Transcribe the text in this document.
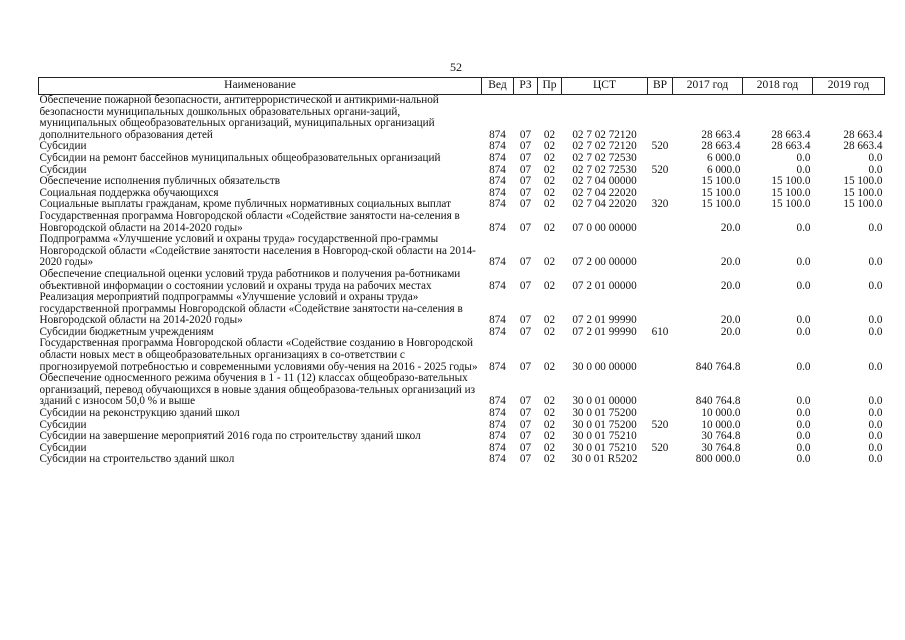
52
Наименование	Вед	РЗ	Пр	ЦСТ	ВР	2017 год	2018 год	2019 год
Обеспечение пожарной безопасности, антитеррористической и антикрими-нальной безопасности муниципальных дошкольных образовательных органи-заций, муниципальных общеобразовательных организаций, муниципальных организаций дополнительного образования детей	874	07	02	02 7 02 72120		28 663.4	28 663.4	28 663.4
Субсидии	874	07	02	02 7 02 72120	520	28 663.4	28 663.4	28 663.4
Субсидии на ремонт бассейнов муниципальных общеобразовательных организаций	874	07	02	02 7 02 72530		6 000.0	0.0	0.0
Субсидии	874	07	02	02 7 02 72530	520	6 000.0	0.0	0.0
Обеспечение исполнения публичных обязательств	874	07	02	02 7 04 00000		15 100.0	15 100.0	15 100.0
Социальная поддержка обучающихся	874	07	02	02 7 04 22020		15 100.0	15 100.0	15 100.0
Социальные выплаты гражданам, кроме публичных нормативных социальных выплат	874	07	02	02 7 04 22020	320	15 100.0	15 100.0	15 100.0
Государственная программа Новгородской области «Содействие занятости на-селения в Новгородской области на 2014-2020 годы»	874	07	02	07 0 00 00000		20.0	0.0	0.0
Подпрограмма «Улучшение условий и охраны труда» государственной про-граммы Новгородской области «Содействие занятости населения в Новгород-ской области на 2014-2020 годы»	874	07	02	07 2 00 00000		20.0	0.0	0.0
Обеспечение специальной оценки условий труда работников и получения ра-ботниками объективной информации о состоянии условий и охраны труда на рабочих местах	874	07	02	07 2 01 00000		20.0	0.0	0.0
Реализация мероприятий подпрограммы «Улучшение условий и охраны труда» государственной программы Новгородской области «Содействие занятости на-селения в Новгородской области на 2014-2020 годы»	874	07	02	07 2 01 99990		20.0	0.0	0.0
Субсидии бюджетным учреждениям	874	07	02	07 2 01 99990	610	20.0	0.0	0.0
Государственная программа Новгородской области «Содействие созданию в Новгородской области новых мест в общеобразовательных организациях в со-ответствии с прогнозируемой потребностью и современными условиями обу-чения на 2016 - 2025 годы»	874	07	02	30 0 00 00000		840 764.8	0.0	0.0
Обеспечение односменного режима обучения в 1 - 11 (12) классах общеобразо-вательных организаций, перевод обучающихся в новые здания общеобразова-тельных организаций из зданий с износом 50,0 % и выше	874	07	02	30 0 01 00000		840 764.8	0.0	0.0
Субсидии на реконструкцию зданий школ	874	07	02	30 0 01 75200		10 000.0	0.0	0.0
Субсидии	874	07	02	30 0 01 75200	520	10 000.0	0.0	0.0
Субсидии на завершение мероприятий 2016 года по строительству зданий школ	874	07	02	30 0 01 75210		30 764.8	0.0	0.0
Субсидии	874	07	02	30 0 01 75210	520	30 764.8	0.0	0.0
Субсидии на строительство зданий школ	874	07	02	30 0 01 R5202		800 000.0	0.0	0.0
